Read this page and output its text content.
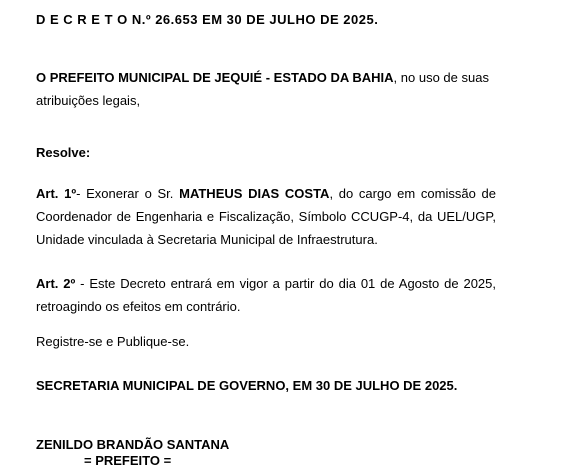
D E C R E T O N.º 26.653 EM 30 DE JULHO DE 2025.
O PREFEITO MUNICIPAL DE JEQUIÉ - ESTADO DA BAHIA, no uso de suas
atribuições legais,
Resolve:
Art. 1º- Exonerar o Sr. MATHEUS DIAS COSTA, do cargo em comissão de
Coordenador de Engenharia e Fiscalização, Símbolo CCUGP-4, da UEL/UGP,
Unidade vinculada à Secretaria Municipal de Infraestrutura.
Art. 2º - Este Decreto entrará em vigor a partir do dia 01 de Agosto de 2025,
retroagindo os efeitos em contrário.
Registre-se e Publique-se.
SECRETARIA MUNICIPAL DE GOVERNO, EM 30 DE JULHO DE 2025.
ZENILDO BRANDÃO SANTANA
= PREFEITO =
